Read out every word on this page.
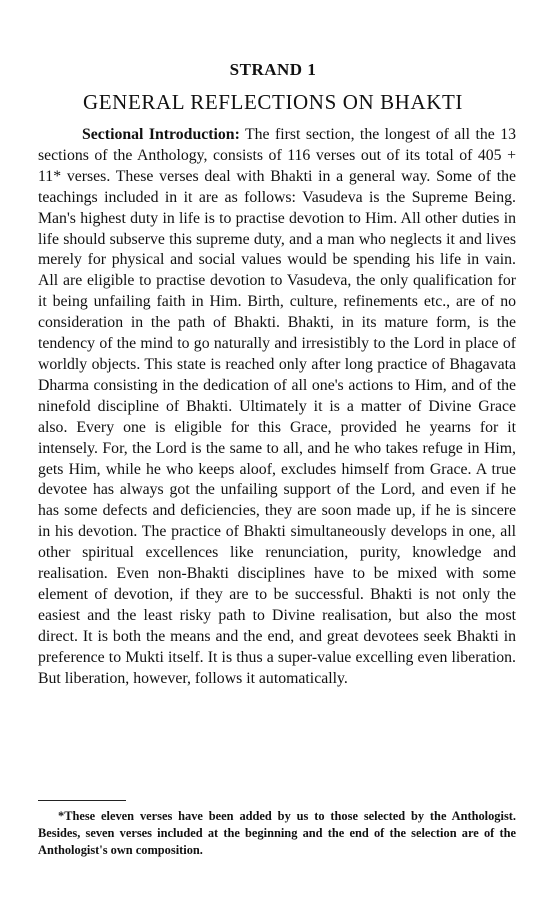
STRAND 1
GENERAL REFLECTIONS ON BHAKTI

Sectional Introduction: The first section, the longest of all the 13 sections of the Anthology, consists of 116 verses out of its total of 405 + 11* verses. These verses deal with Bhakti in a general way. Some of the teachings included in it are as follows: Vasudeva is the Supreme Being. Man's highest duty in life is to practise devotion to Him. All other duties in life should subserve this supreme duty, and a man who neglects it and lives merely for physical and social values would be spending his life in vain. All are eligible to practise devotion to Vasudeva, the only qualification for it being unfailing faith in Him. Birth, culture, refinements etc., are of no consideration in the path of Bhakti. Bhakti, in its mature form, is the tendency of the mind to go naturally and irresistibly to the Lord in place of worldly objects. This state is reached only after long practice of Bhagavata Dharma consisting in the dedication of all one's actions to Him, and of the ninefold discipline of Bhakti. Ultimately it is a matter of Divine Grace also. Every one is eligible for this Grace, provided he yearns for it intensely. For, the Lord is the same to all, and he who takes refuge in Him, gets Him, while he who keeps aloof, excludes himself from Grace. A true devotee has always got the unfailing support of the Lord, and even if he has some defects and deficiencies, they are soon made up, if he is sincere in his devotion. The practice of Bhakti simultaneously develops in one, all other spiritual excellences like renunciation, purity, knowledge and realisation. Even non-Bhakti disciplines have to be mixed with some element of devotion, if they are to be successful. Bhakti is not only the easiest and the least risky path to Divine realisation, but also the most direct. It is both the means and the end, and great devotees seek Bhakti in preference to Mukti itself. It is thus a super-value excelling even liberation. But liberation, however, follows it automatically.

*These eleven verses have been added by us to those selected by the Anthologist. Besides, seven verses included at the beginning and the end of the selection are of the Anthologist's own composition.
